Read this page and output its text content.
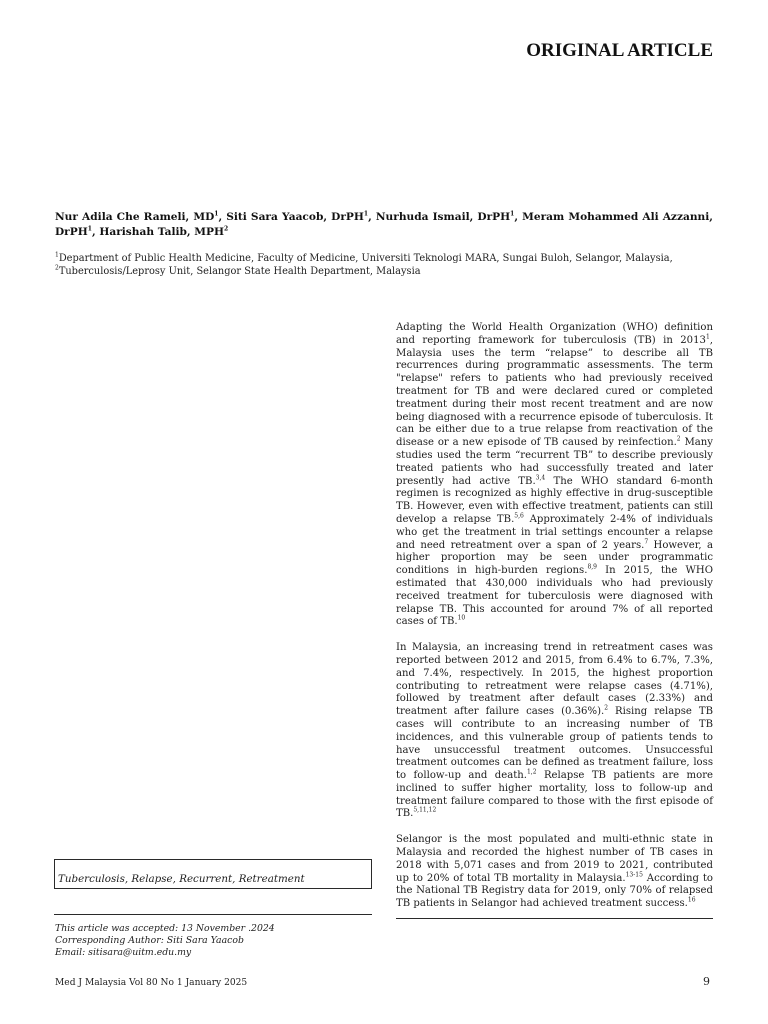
ORIGINAL ARTICLE

Nur Adila Che Rameli, $MD^1$, Siti Sara Yaacob, DrPH$^1$, Nurhuda Ismail, DrPH$^1$, Meram Mohammed Ali Azzanni, DrPH$^1$, Harishah Talib, MPH$^2$

$^1$Department of Public Health Medicine, Faculty of Medicine, Universiti Teknologi MARA, Sungai Buloh, Selangor, Malaysia,
$^2$Tuberculosis/Leprosy Unit, Selangor State Health Department, Malaysia

Adapting the World Health Organization (WHO) definition and reporting framework for tuberculosis (TB) in 2013$^1$, Malaysia uses the term “relapse” to describe all TB recurrences during programmatic assessments. The term "relapse" refers to patients who had previously received treatment for TB and were declared cured or completed treatment during their most recent treatment and are now being diagnosed with a recurrence episode of tuberculosis. It can be either due to a true relapse from reactivation of the disease or a new episode of TB caused by reinfection.$^2$ Many studies used the term “recurrent TB” to describe previously treated patients who had successfully treated and later presently had active TB.$^{3,4}$ The WHO standard 6-month regimen is recognized as highly effective in drug-susceptible TB. However, even with effective treatment, patients can still develop a relapse TB.$^{5,6}$ Approximately 2-4% of individuals who get the treatment in trial settings encounter a relapse and need retreatment over a span of 2 years.$^7$ However, a higher proportion may be seen under programmatic conditions in high-burden regions.$^{8,9}$ In 2015, the WHO estimated that 430,000 individuals who had previously received treatment for tuberculosis were diagnosed with relapse TB. This accounted for around 7% of all reported cases of TB.$^{10}$

In Malaysia, an increasing trend in retreatment cases was reported between 2012 and 2015, from 6.4% to 6.7%, 7.3%, and 7.4%, respectively. In 2015, the highest proportion contributing to retreatment were relapse cases (4.71%), followed by treatment after default cases (2.33%) and treatment after failure cases (0.36%).$^2$ Rising relapse TB cases will contribute to an increasing number of TB incidences, and this vulnerable group of patients tends to have unsuccessful treatment outcomes. Unsuccessful treatment outcomes can be defined as treatment failure, loss to follow-up and death.$^{1,2}$ Relapse TB patients are more inclined to suffer higher mortality, loss to follow-up and treatment failure compared to those with the first episode of TB.$^{5,11,12}$

Selangor is the most populated and multi-ethnic state in Malaysia and recorded the highest number of TB cases in 2018 with 5,071 cases and from 2019 to 2021, contributed up to 20% of total TB mortality in Malaysia.$^{13-15}$ According to the National TB Registry data for 2019, only 70% of relapsed TB patients in Selangor had achieved treatment success.$^{16}$

Tuberculosis, Relapse, Recurrent, Retreatment

This article was accepted: 13 November .2024
Corresponding Author: Siti Sara Yaacob
Email: sitisara@uitm.edu.my

Med J Malaysia Vol 80 No 1 January 2025	9
